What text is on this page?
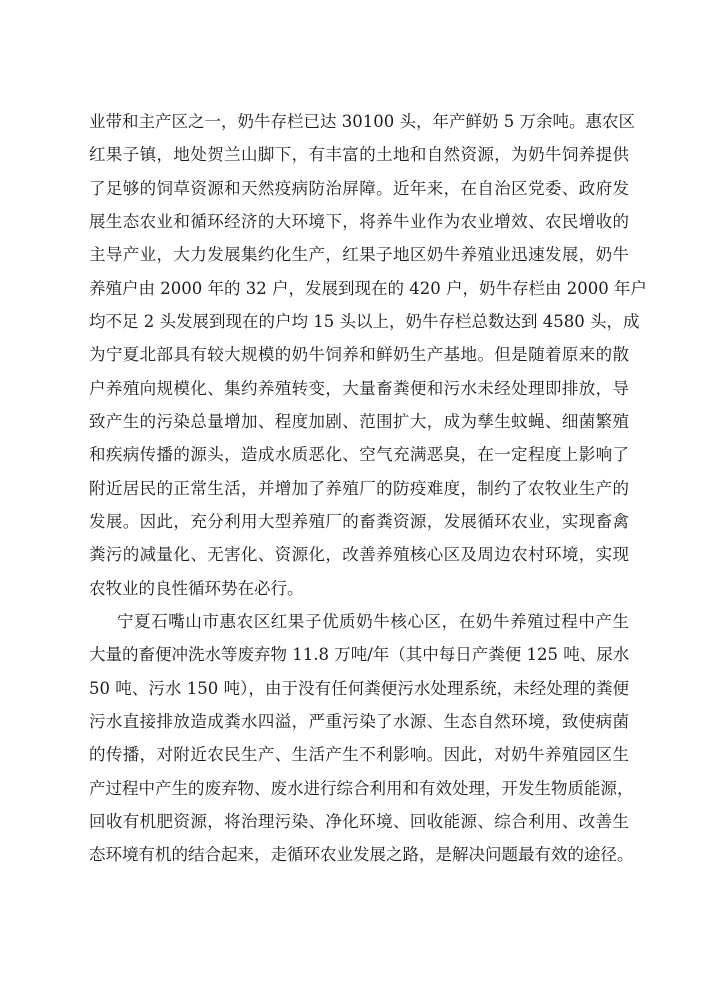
业带和主产区之一，奶牛存栏已达 30100 头，年产鲜奶 5 万余吨。惠农区
红果子镇，地处贺兰山脚下，有丰富的土地和自然资源，为奶牛饲养提供
了足够的饲草资源和天然疫病防治屏障。近年来，在自治区党委、政府发
展生态农业和循环经济的大环境下，将养牛业作为农业增效、农民增收的
主导产业，大力发展集约化生产，红果子地区奶牛养殖业迅速发展，奶牛
养殖户由 2000 年的 32 户，发展到现在的 420 户，奶牛存栏由 2000 年户
均不足 2 头发展到现在的户均 15 头以上，奶牛存栏总数达到 4580 头，成
为宁夏北部具有较大规模的奶牛饲养和鲜奶生产基地。但是随着原来的散
户养殖向规模化、集约养殖转变，大量畜粪便和污水未经处理即排放，导
致产生的污染总量增加、程度加剧、范围扩大，成为孳生蚊蝇、细菌繁殖
和疾病传播的源头，造成水质恶化、空气充满恶臭，在一定程度上影响了
附近居民的正常生活，并增加了养殖厂的防疫难度，制约了农牧业生产的
发展。因此，充分利用大型养殖厂的畜粪资源，发展循环农业，实现畜禽
粪污的减量化、无害化、资源化，改善养殖核心区及周边农村环境，实现
农牧业的良性循环势在必行。
宁夏石嘴山市惠农区红果子优质奶牛核心区，在奶牛养殖过程中产生
大量的畜便冲洗水等废弃物 11.8 万吨/年（其中每日产粪便 125 吨、尿水
50 吨、污水 150 吨），由于没有任何粪便污水处理系统，未经处理的粪便
污水直接排放造成粪水四溢，严重污染了水源、生态自然环境，致使病菌
的传播，对附近农民生产、生活产生不利影响。因此，对奶牛养殖园区生
产过程中产生的废弃物、废水进行综合利用和有效处理，开发生物质能源，
回收有机肥资源，将治理污染、净化环境、回收能源、综合利用、改善生
态环境有机的结合起来，走循环农业发展之路，是解决问题最有效的途径。
